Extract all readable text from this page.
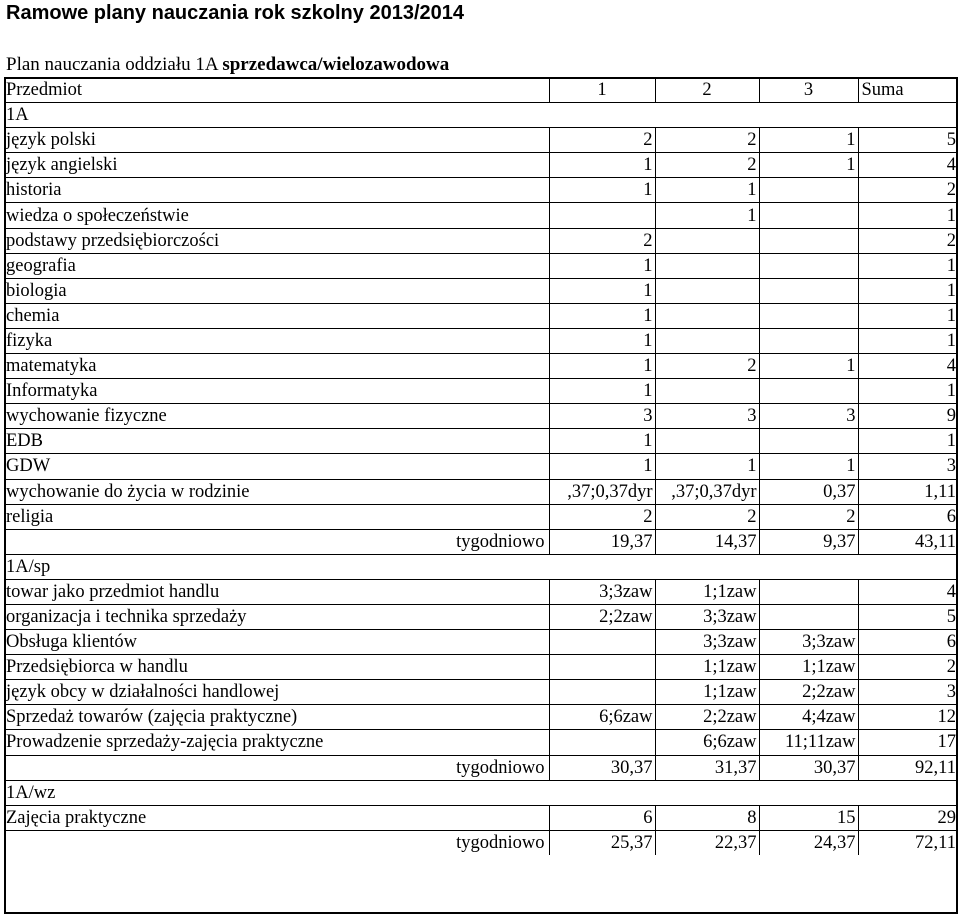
Ramowe plany nauczania rok szkolny 2013/2014
Plan nauczania oddziału 1A sprzedawca/wielozawodowa
Przedmiot	1	2	3	Suma
1A				
język polski	2	2	1	5
język angielski	1	2	1	4
historia	1	1		2
wiedza o społeczeństwie		1		1
podstawy przedsiębiorczości	2			2
geografia	1			1
biologia	1			1
chemia	1			1
fizyka	1			1
matematyka	1	2	1	4
Informatyka	1			1
wychowanie fizyczne	3	3	3	9
EDB	1			1
GDW	1	1	1	3
wychowanie do życia w rodzinie	,37;0,37dyr	,37;0,37dyr	0,37	1,11
religia	2	2	2	6
tygodniowo	19,37	14,37	9,37	43,11
1A/sp				
towar jako przedmiot handlu	3;3zaw	1;1zaw		4
organizacja i technika sprzedaży	2;2zaw	3;3zaw		5
Obsługa klientów		3;3zaw	3;3zaw	6
Przedsiębiorca w handlu		1;1zaw	1;1zaw	2
język obcy w działalności handlowej		1;1zaw	2;2zaw	3
Sprzedaż towarów (zajęcia praktyczne)	6;6zaw	2;2zaw	4;4zaw	12
Prowadzenie sprzedaży-zajęcia praktyczne		6;6zaw	11;11zaw	17
tygodniowo	30,37	31,37	30,37	92,11
1A/wz				
Zajęcia praktyczne	6	8	15	29
tygodniowo	25,37	22,37	24,37	72,11
